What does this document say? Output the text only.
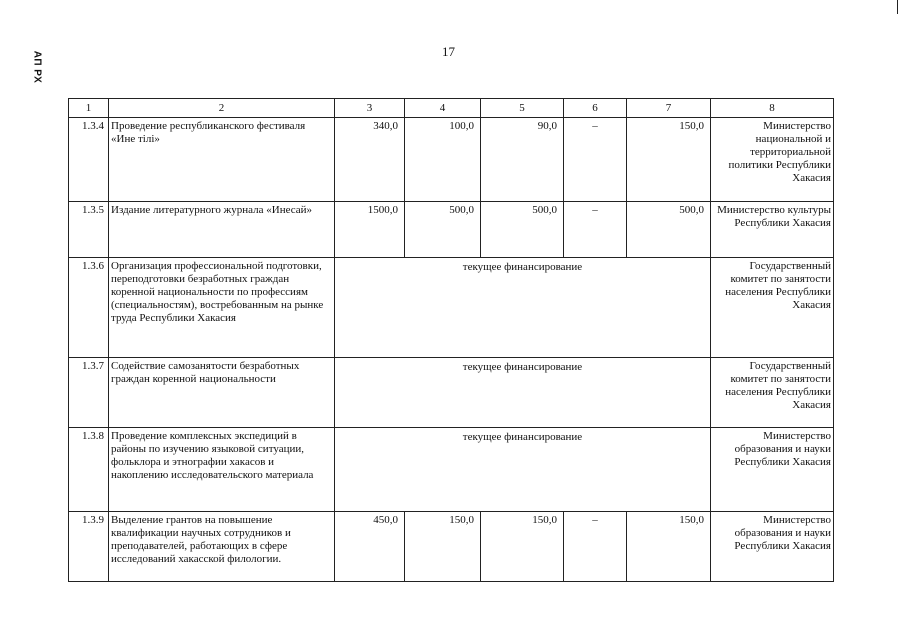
АП РХ	17
1	2	3	4	5	6	7	8
1.3.4	Проведение республиканского фестиваля «Ине тілі»	340,0	100,0	90,0	–	150,0	Министерство национальной и территориальной политики Республики Хакасия
1.3.5	Издание литературного журнала «Инесай»	1500,0	500,0	500,0	–	500,0	Министерство культуры Республики Хакасия
1.3.6	Организация профессиональной подготовки, переподготовки безработных граждан коренной национальности по профессиям (специальностям), востребованным на рынке труда Республики Хакасия	текущее финансирование					Государственный комитет по занятости населения Республики Хакасия
1.3.7	Содействие самозанятости безработных граждан коренной национальности	текущее финансирование					Государственный комитет по занятости населения Республики Хакасия
1.3.8	Проведение комплексных экспедиций в районы по изучению языковой ситуации, фольклора и этнографии хакасов и накоплению исследовательского материала	текущее финансирование					Министерство образования и науки Республики Хакасия
1.3.9	Выделение грантов на повышение квалификации научных сотрудников и преподавателей, работающих в сфере исследований хакасской филологии.	450,0	150,0	150,0	–	150,0	Министерство образования и науки Республики Хакасия
